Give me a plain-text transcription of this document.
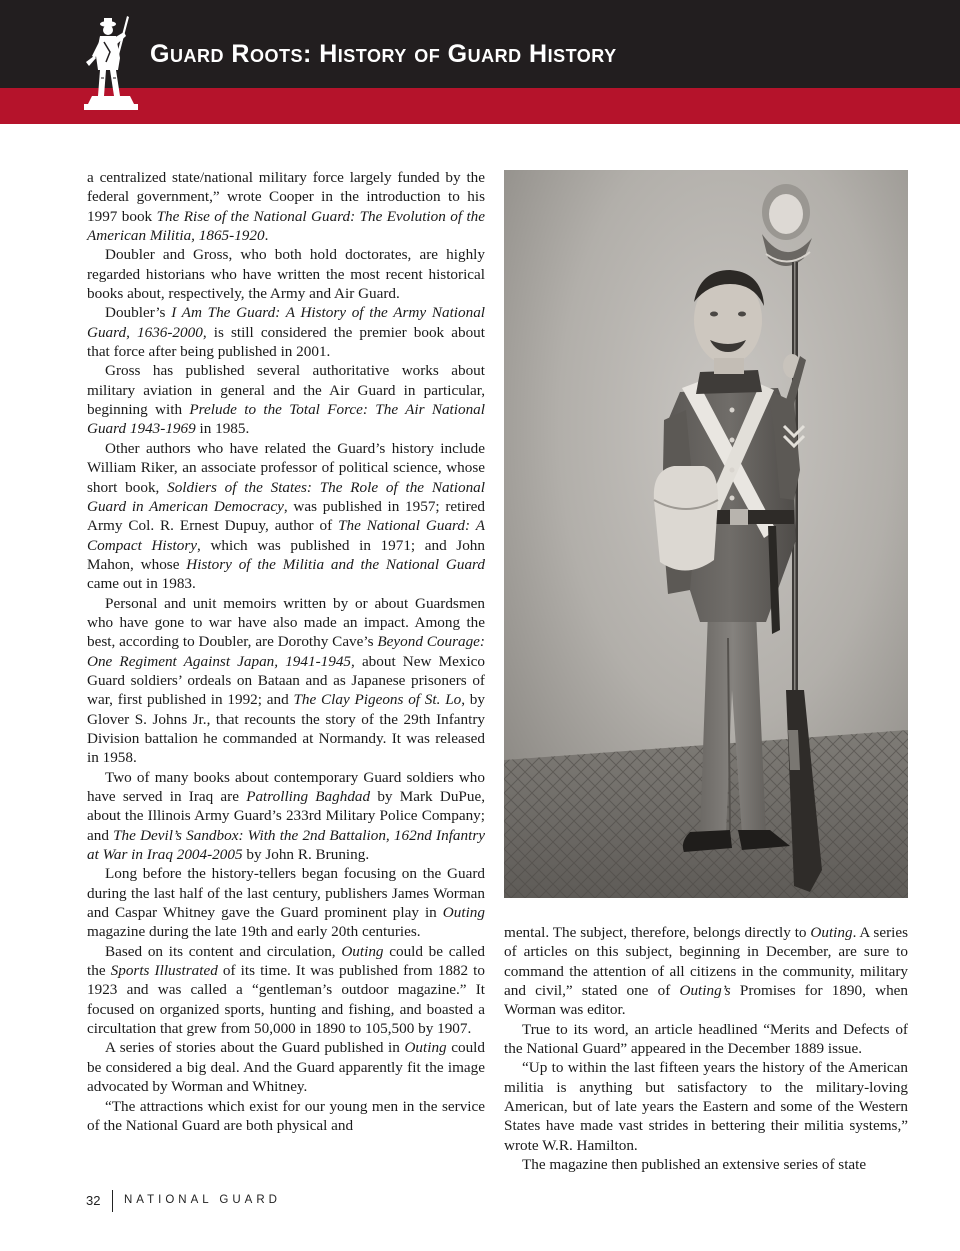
Guard Roots: History of Guard History

a centralized state/national military force largely funded by the federal government,” wrote Cooper in the introduction to his 1997 book The Rise of the National Guard: The Evolution of the American Militia, 1865-1920.

Doubler and Gross, who both hold doctorates, are highly regarded historians who have written the most recent historical books about, respectively, the Army and Air Guard.

Doubler’s I Am The Guard: A History of the Army National Guard, 1636-2000, is still considered the premier book about that force after being published in 2001.

Gross has published several authoritative works about military aviation in general and the Air Guard in particular, beginning with Prelude to the Total Force: The Air National Guard 1943-1969 in 1985.

Other authors who have related the Guard’s history include William Riker, an associate professor of political science, whose short book, Soldiers of the States: The Role of the National Guard in American Democracy, was published in 1957; retired Army Col. R. Ernest Dupuy, author of The National Guard: A Compact History, which was published in 1971; and John Mahon, whose History of the Militia and the National Guard came out in 1983.

Personal and unit memoirs written by or about Guardsmen who have gone to war have also made an impact. Among the best, according to Doubler, are Dorothy Cave’s Beyond Courage: One Regiment Against Japan, 1941-1945, about New Mexico Guard soldiers’ ordeals on Bataan and as Japanese prisoners of war, first published in 1992; and The Clay Pigeons of St. Lo, by Glover S. Johns Jr., that recounts the story of the 29th Infantry Division battalion he commanded at Normandy. It was released in 1958.

Two of many books about contemporary Guard soldiers who have served in Iraq are Patrolling Baghdad by Mark DuPue, about the Illinois Army Guard’s 233rd Military Police Company; and The Devil’s Sandbox: With the 2nd Battalion, 162nd Infantry at War in Iraq 2004-2005 by John R. Bruning.

Long before the history-tellers began focusing on the Guard during the last half of the last century, publishers James Worman and Caspar Whitney gave the Guard prominent play in Outing magazine during the late 19th and early 20th centuries.

Based on its content and circulation, Outing could be called the Sports Illustrated of its time. It was published from 1882 to 1923 and was called a “gentleman’s outdoor magazine.” It focused on organized sports, hunting and fishing, and boasted a circultation that grew from 50,000 in 1890 to 105,500 by 1907.

A series of stories about the Guard published in Outing could be considered a big deal. And the Guard apparently fit the image advocated by Worman and Whitney.

“The attractions which exist for our young men in the service of the National Guard are both physical and

mental. The subject, therefore, belongs directly to Outing. A series of articles on this subject, beginning in December, are sure to command the attention of all citizens in the community, military and civil,” stated one of Outing’s Promises for 1890, when Worman was editor.

True to its word, an article headlined “Merits and Defects of the National Guard” appeared in the December 1889 issue.

“Up to within the last fifteen years the history of the American militia is anything but satisfactory to the military-loving American, but of late years the Eastern and some of the Western States have made vast strides in bettering their militia systems,” wrote W.R. Hamilton.

The magazine then published an extensive series of state

32 NATIONAL GUARD
